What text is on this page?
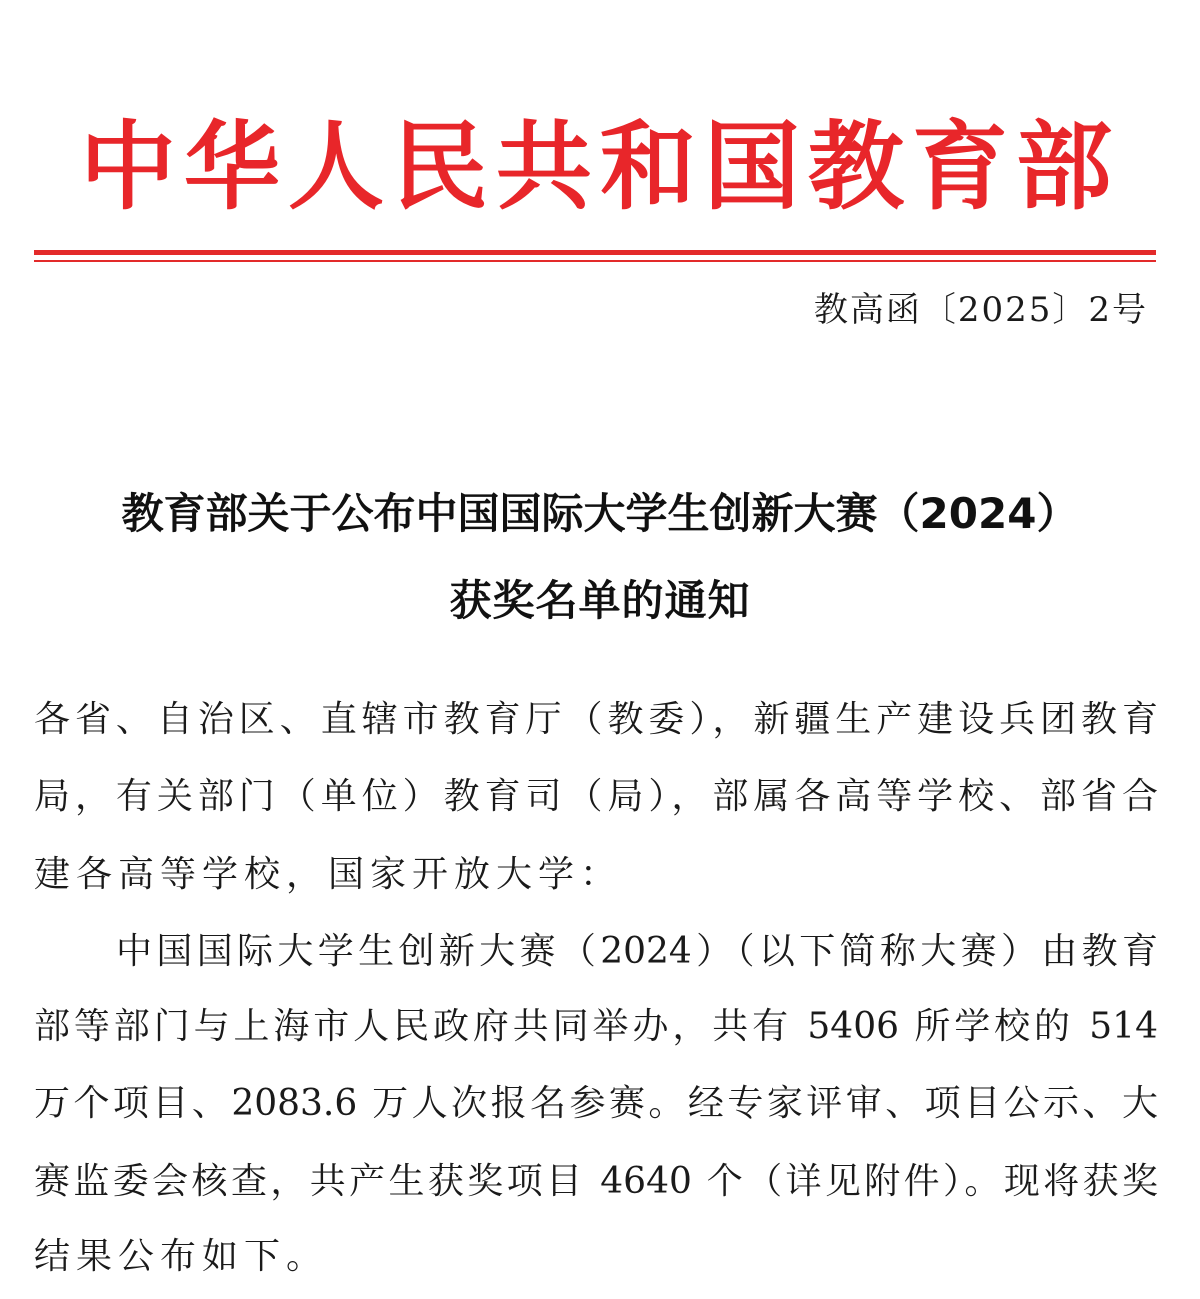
中华人民共和国教育部
教高函〔2025〕2号
教育部关于公布中国国际大学生创新大赛（2024）
获奖名单的通知
各省、自治区、直辖市教育厅（教委），新疆生产建设兵团教育
局，有关部门（单位）教育司（局），部属各高等学校、部省合
建各高等学校，国家开放大学：
中国国际大学生创新大赛（2024）（以下简称大赛）由教育
部等部门与上海市人民政府共同举办，共有 5406 所学校的 514
万个项目、2083.6 万人次报名参赛。经专家评审、项目公示、大
赛监委会核查，共产生获奖项目 4640 个（详见附件）。现将获奖
结果公布如下。
